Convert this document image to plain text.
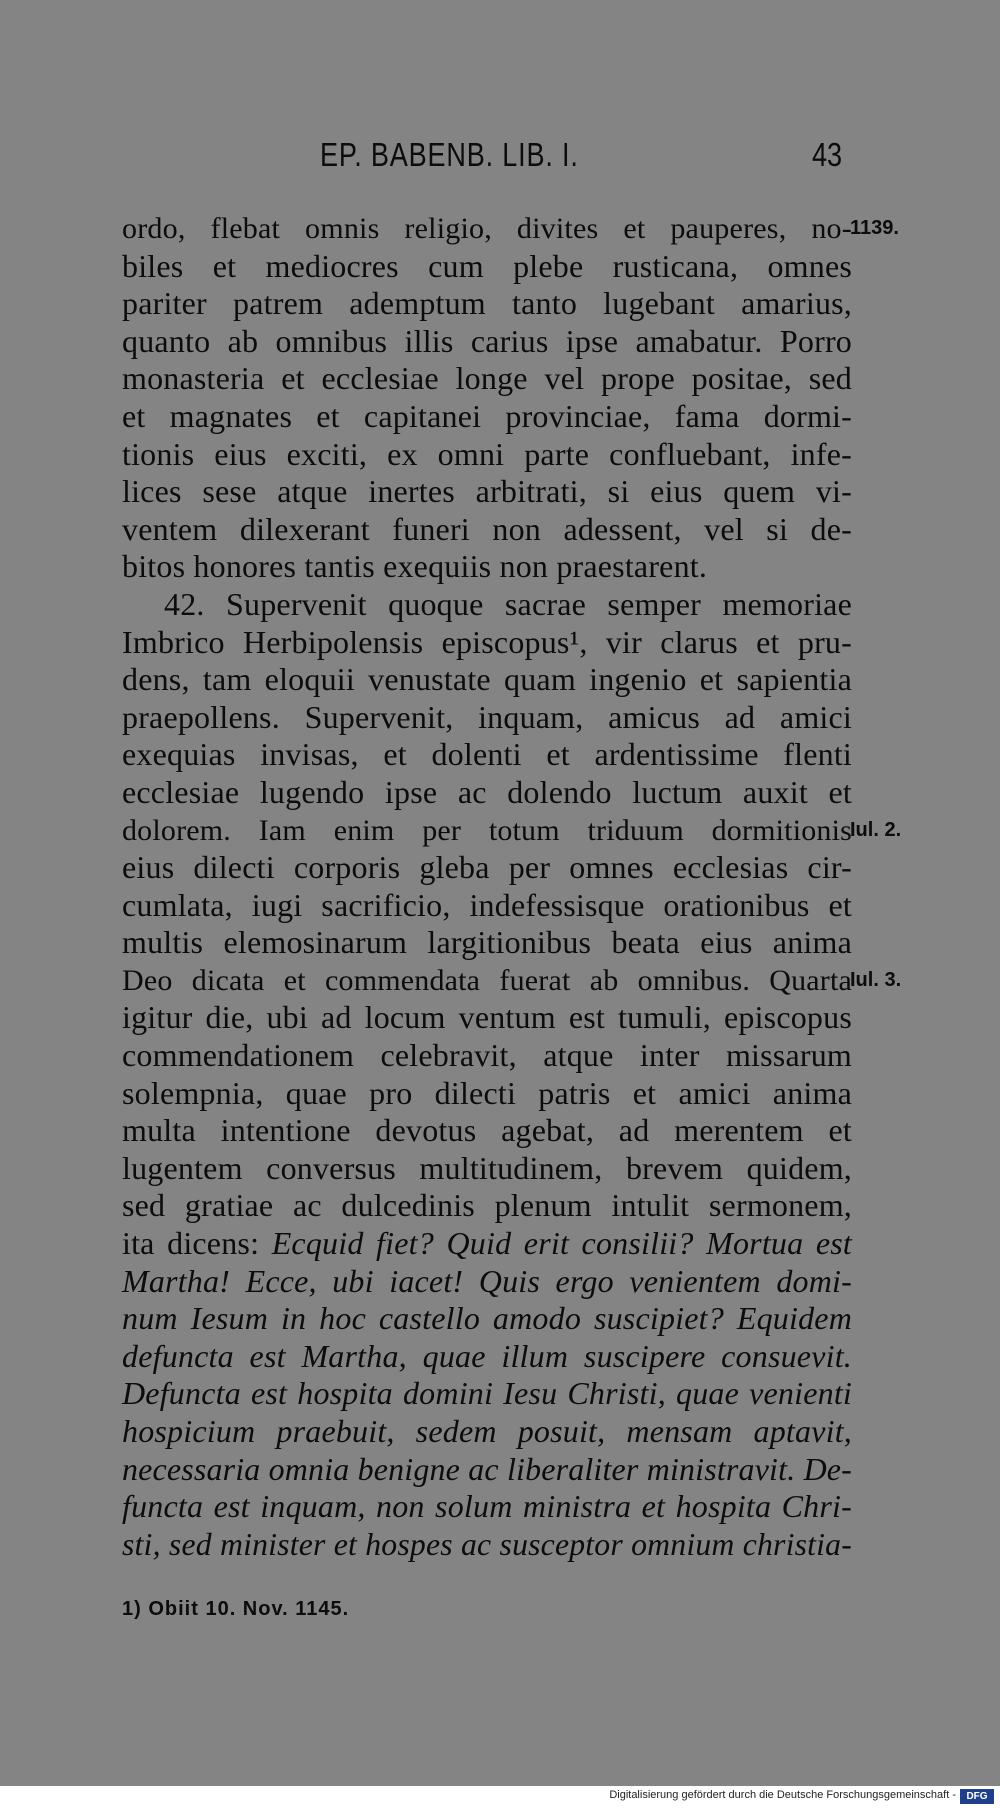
EP. BABENB. LIB. I.	43
ordo, flebat omnis religio, divites et pauperes, no-
1139.
biles et mediocres cum plebe rusticana, omnes
pariter patrem ademptum tanto lugebant amarius,
quanto ab omnibus illis carius ipse amabatur. Porro
monasteria et ecclesiae longe vel prope positae, sed
et magnates et capitanei provinciae, fama dormi-
tionis eius exciti, ex omni parte confluebant, infe-
lices sese atque inertes arbitrati, si eius quem vi-
ventem dilexerant funeri non adessent, vel si de-
bitos honores tantis exequiis non praestarent.
42. Supervenit quoque sacrae semper memoriae
Imbrico Herbipolensis episcopus¹, vir clarus et pru-
dens, tam eloquii venustate quam ingenio et sapientia
praepollens. Supervenit, inquam, amicus ad amici
exequias invisas, et dolenti et ardentissime flenti
ecclesiae lugendo ipse ac dolendo luctum auxit et
dolorem. Iam enim per totum triduum dormitionis
Iul. 2.
eius dilecti corporis gleba per omnes ecclesias cir-
cumlata, iugi sacrificio, indefessisque orationibus et
multis elemosinarum largitionibus beata eius anima
Deo dicata et commendata fuerat ab omnibus. Quarta
Iul. 3.
igitur die, ubi ad locum ventum est tumuli, episcopus
commendationem celebravit, atque inter missarum
solempnia, quae pro dilecti patris et amici anima
multa intentione devotus agebat, ad merentem et
lugentem conversus multitudinem, brevem quidem,
sed gratiae ac dulcedinis plenum intulit sermonem,
ita dicens: Ecquid fiet? Quid erit consilii? Mortua est
Martha! Ecce, ubi iacet! Quis ergo venientem domi-
num Iesum in hoc castello amodo suscipiet? Equidem
defuncta est Martha, quae illum suscipere consuevit.
Defuncta est hospita domini Iesu Christi, quae venienti
hospicium praebuit, sedem posuit, mensam aptavit,
necessaria omnia benigne ac liberaliter ministravit. De-
functa est inquam, non solum ministra et hospita Chri-
sti, sed minister et hospes ac susceptor omnium christia-
1) Obiit 10. Nov. 1145.
Digitalisierung gefördert durch die Deutsche Forschungsgemeinschaft -	DFG
